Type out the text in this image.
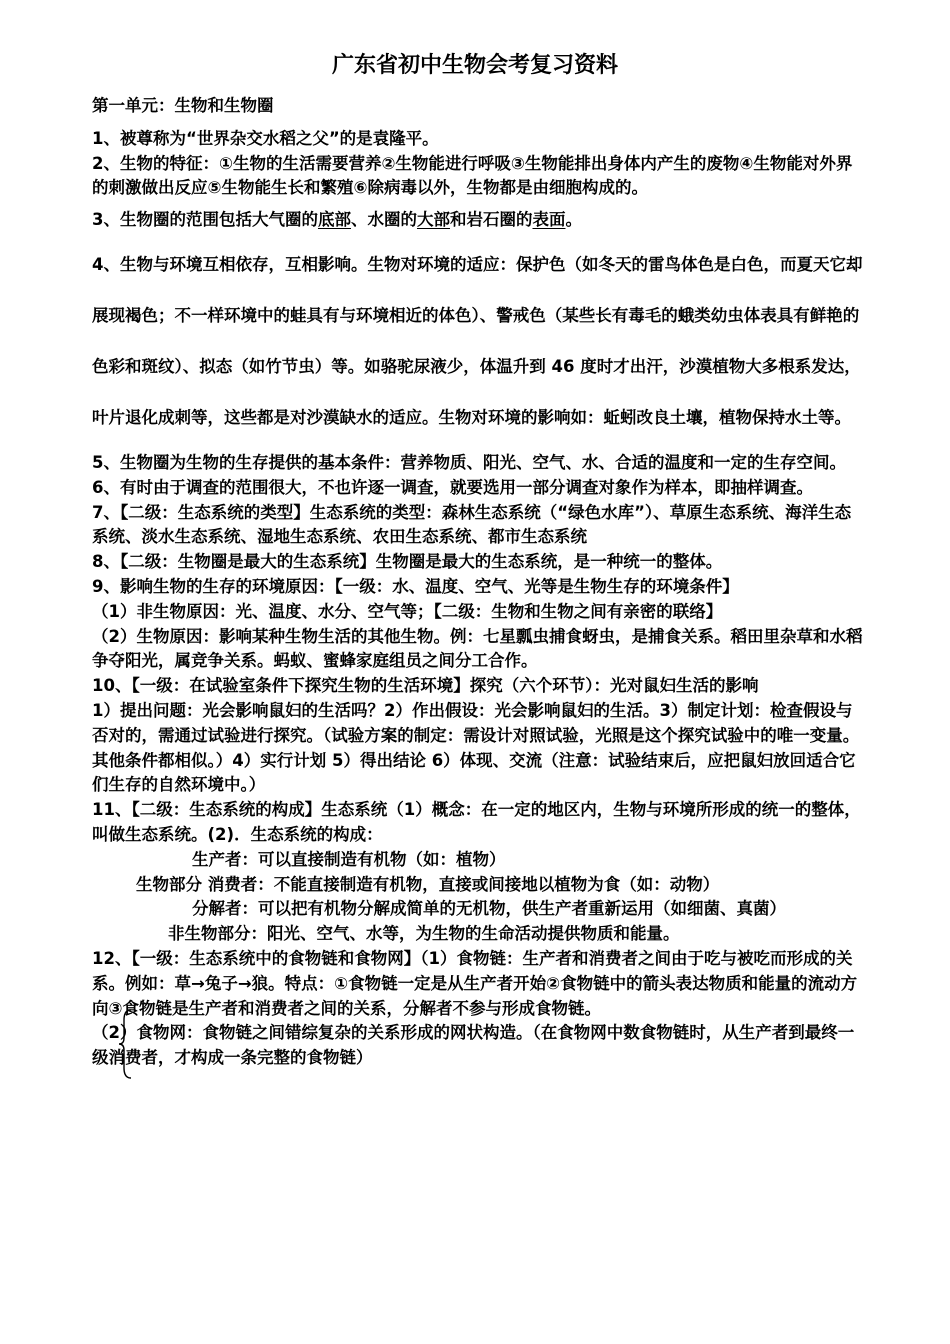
广东省初中生物会考复习资料

第一单元：生物和生物圈

1、被尊称为“世界杂交水稻之父”的是袁隆平。

2、生物的特征：①生物的生活需要营养②生物能进行呼吸③生物能排出身体内产生的废物④生物能对外界的刺激做出反应⑤生物能生长和繁殖⑥除病毒以外，生物都是由细胞构成的。

3、生物圈的范围包括大气圈的底部、水圈的大部和岩石圈的表面。

4、生物与环境互相依存，互相影响。生物对环境的适应：保护色（如冬天的雷鸟体色是白色，而夏天它却展现褐色；不一样环境中的蛙具有与环境相近的体色）、警戒色（某些长有毒毛的蛾类幼虫体表具有鲜艳的色彩和斑纹）、拟态（如竹节虫）等。如骆驼尿液少，体温升到 46 度时才出汗，沙漠植物大多根系发达，叶片退化成刺等，这些都是对沙漠缺水的适应。生物对环境的影响如：蚯蚓改良土壤，植物保持水土等。

5、生物圈为生物的生存提供的基本条件：营养物质、阳光、空气、水、合适的温度和一定的生存空间。

6、有时由于调查的范围很大，不也许逐一调查，就要选用一部分调查对象作为样本，即抽样调查。

7、【二级：生态系统的类型】生态系统的类型：森林生态系统（“绿色水库”）、草原生态系统、海洋生态系统、淡水生态系统、湿地生态系统、农田生态系统、都市生态系统

8、【二级：生物圈是最大的生态系统】生物圈是最大的生态系统，是一种统一的整体。

9、影响生物的生存的环境原因：【一级：水、温度、空气、光等是生物生存的环境条件】

（1）非生物原因：光、温度、水分、空气等；【二级：生物和生物之间有亲密的联络】

（2）生物原因：影响某种生物生活的其他生物。例：七星瓢虫捕食蚜虫，是捕食关系。稻田里杂草和水稻争夺阳光，属竞争关系。蚂蚁、蜜蜂家庭组员之间分工合作。

10、【一级：在试验室条件下探究生物的生活环境】探究（六个环节）：光对鼠妇生活的影响

1）提出问题：光会影响鼠妇的生活吗？2）作出假设：光会影响鼠妇的生活。3）制定计划：检查假设与否对的，需通过试验进行探究。（试验方案的制定：需设计对照试验，光照是这个探究试验中的唯一变量。其他条件都相似。）4）实行计划 5）得出结论 6）体现、交流（注意：试验结束后，应把鼠妇放回适合它们生存的自然环境中。）

11、【二级：生态系统的构成】生态系统（1）概念：在一定的地区内，生物与环境所形成的统一的整体，叫做生态系统。(2)．生态系统的构成：

生产者：可以直接制造有机物（如：植物）

生物部分 消费者：不能直接制造有机物，直接或间接地以植物为食（如：动物）

分解者：可以把有机物分解成简单的无机物，供生产者重新运用（如细菌、真菌）

非生物部分：阳光、空气、水等，为生物的生命活动提供物质和能量。

12、【一级：生态系统中的食物链和食物网】（1）食物链：生产者和消费者之间由于吃与被吃而形成的关系。例如：草→兔子→狼。特点：①食物链一定是从生产者开始②食物链中的箭头表达物质和能量的流动方向③食物链是生产者和消费者之间的关系，分解者不参与形成食物链。

（2）食物网：食物链之间错综复杂的关系形成的网状构造。（在食物网中数食物链时，从生产者到最终一级消费者，才构成一条完整的食物链）
